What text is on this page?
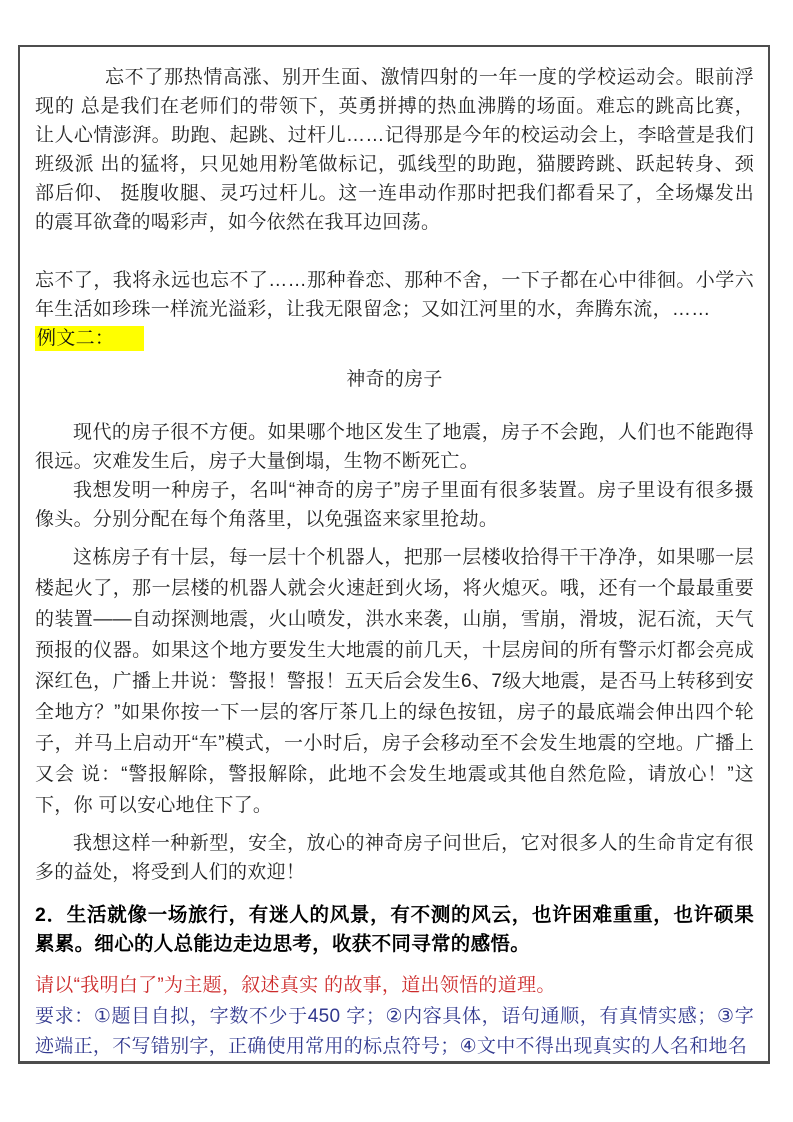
忘不了那热情高涨、别开生面、激情四射的一年一度的学校运动会。眼前浮现的 总是我们在老师们的带领下，英勇拼搏的热血沸腾的场面。难忘的跳高比赛，让人心情澎湃。助跑、起跳、过杆儿……记得那是今年的校运动会上，李晗萱是我们班级派 出的猛将，只见她用粉笔做标记，弧线型的助跑，猫腰跨跳、跃起转身、颈部后仰、 挺腹收腿、灵巧过杆儿。这一连串动作那时把我们都看呆了，全场爆发出的震耳欲聋的喝彩声，如今依然在我耳边回荡。

忘不了，我将永远也忘不了……那种眷恋、那种不舍，一下子都在心中徘徊。小学六年生活如珍珠一样流光溢彩，让我无限留念；又如江河里的水，奔腾东流，……

例文二：

神奇的房子

现代的房子很不方便。如果哪个地区发生了地震，房子不会跑，人们也不能跑得很远。灾难发生后，房子大量倒塌，生物不断死亡。

我想发明一种房子，名叫“神奇的房子”房子里面有很多装置。房子里设有很多摄 像头。分别分配在每个角落里，以免强盗来家里抢劫。

这栋房子有十层，每一层十个机器人，把那一层楼收拾得干干净净，如果哪一层楼起火了，那一层楼的机器人就会火速赶到火场，将火熄灭。哦，还有一个最最重要的装置——自动探测地震，火山喷发，洪水来袭，山崩，雪崩，滑坡，泥石流，天气预报的仪器。如果这个地方要发生大地震的前几天，十层房间的所有警示灯都会亮成深红色，广播上井说：警报！警报！五天后会发生6、7级大地震，是否马上转移到安全地方？”如果你按一下一层的客厅茶几上的绿色按钮，房子的最底端会伸出四个轮子，并马上启动开“车”模式，一小时后，房子会移动至不会发生地震的空地。广播上又会 说：“警报解除，警报解除，此地不会发生地震或其他自然危险，请放心！”这下，你 可以安心地住下了。

我想这样一种新型，安全，放心的神奇房子问世后，它对很多人的生命肯定有很多的益处，将受到人们的欢迎！

2．生活就像一场旅行，有迷人的风景，有不测的风云，也许困难重重，也许硕果累累。细心的人总能边走边思考，收获不同寻常的感悟。

请以“我明白了”为主题，叙述真实 的故事，道出领悟的道理。

要求：①题目自拟，字数不少于450 字；②内容具体，语句通顺，有真情实感；③字迹端正，不写错别字，正确使用常用的标点符号；④文中不得出现真实的人名和地名
